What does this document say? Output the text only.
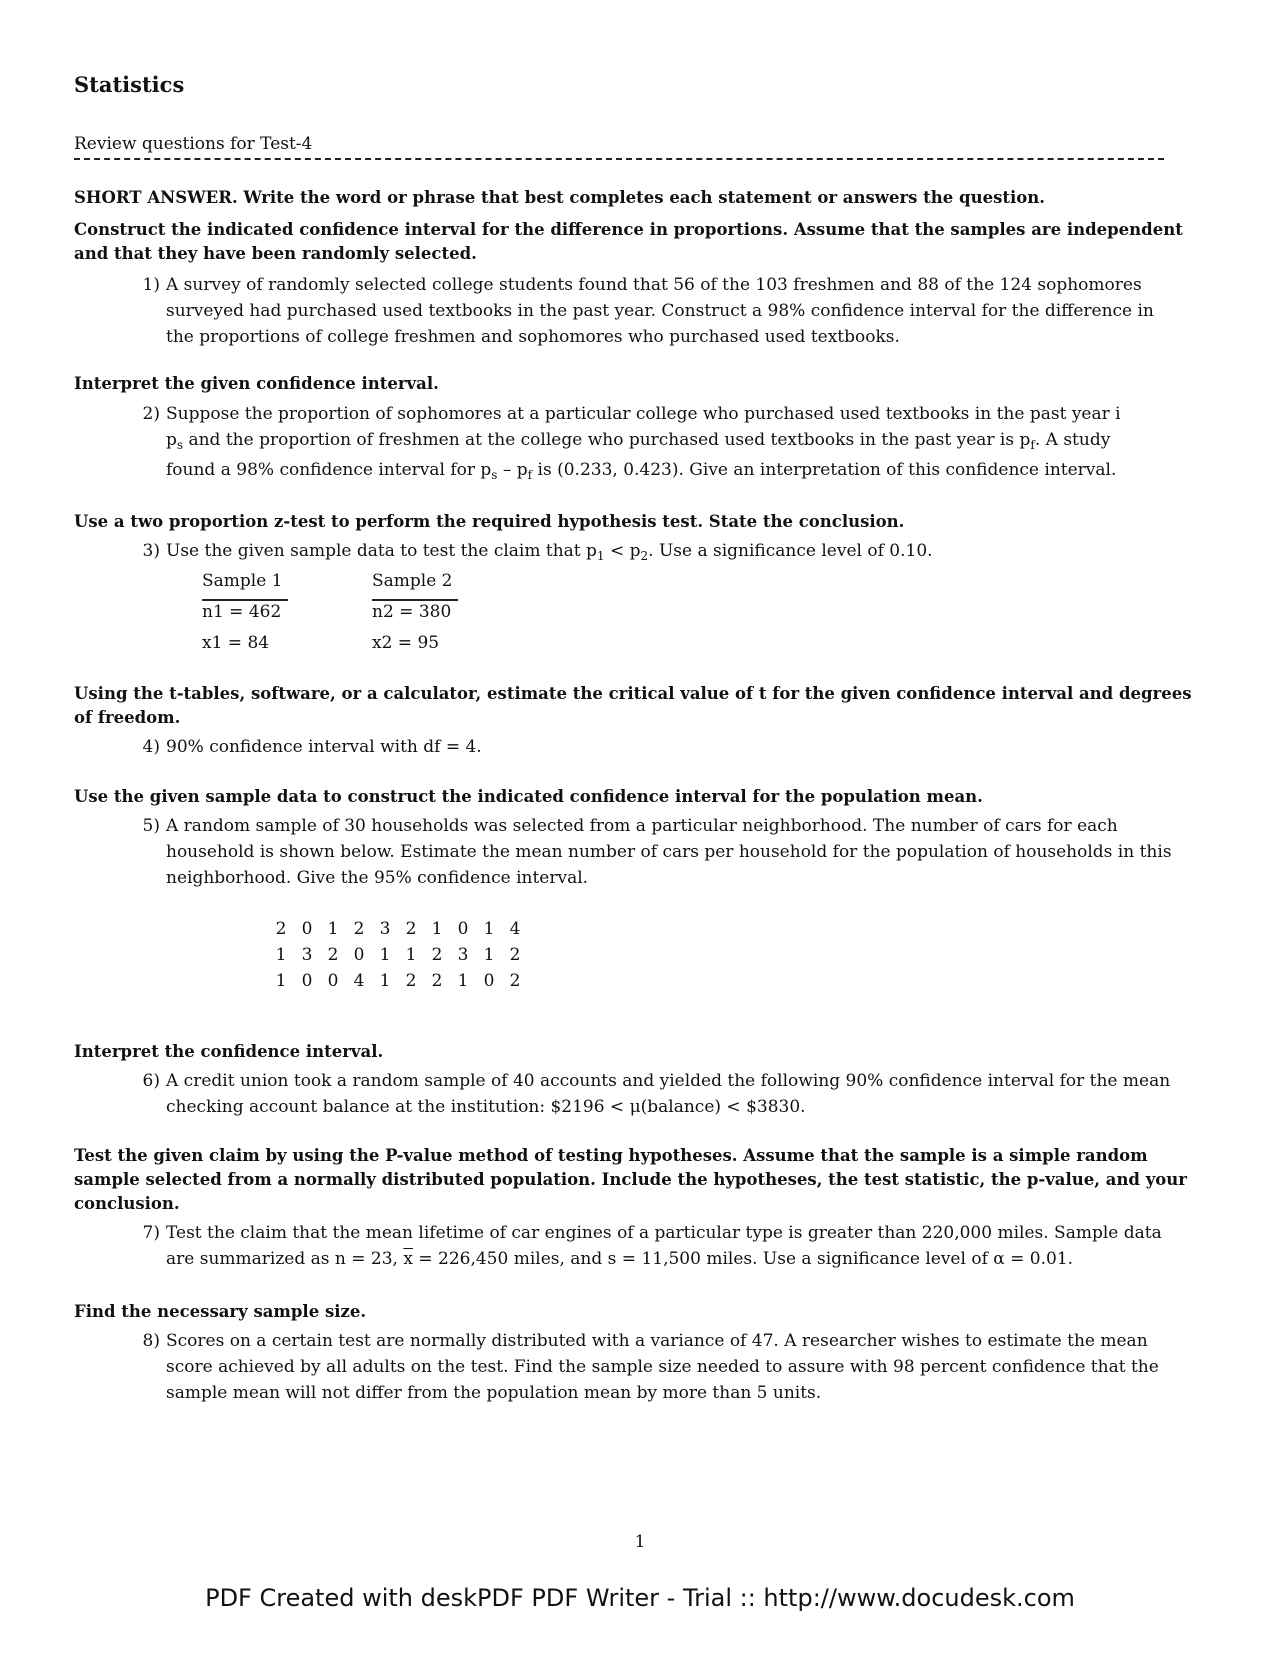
Statistics
Review questions for Test-4
SHORT ANSWER. Write the word or phrase that best completes each statement or answers the question.
Construct the indicated confidence interval for the difference in proportions. Assume that the samples are independent and that they have been randomly selected.
1) A survey of randomly selected college students found that 56 of the 103 freshmen and 88 of the 124 sophomores surveyed had purchased used textbooks in the past year. Construct a 98% confidence interval for the difference in the proportions of college freshmen and sophomores who purchased used textbooks.
Interpret the given confidence interval.
2) Suppose the proportion of sophomores at a particular college who purchased used textbooks in the past year i
$p_s$ and the proportion of freshmen at the college who purchased used textbooks in the past year is $p_f$. A study
found a 98% confidence interval for $p_s - p_f$ is (0.233, 0.423). Give an interpretation of this confidence interval.
Use a two proportion z-test to perform the required hypothesis test. State the conclusion.
3) Use the given sample data to test the claim that $p_1 < p_2$. Use a significance level of 0.10.
Sample 1
n1 = 462
x1 = 84
Sample 2
n2 = 380
x2 = 95
Using the t-tables, software, or a calculator, estimate the critical value of t for the given confidence interval and degrees of freedom.
4) 90% confidence interval with df = 4.
Use the given sample data to construct the indicated confidence interval for the population mean.
5) A random sample of 30 households was selected from a particular neighborhood. The number of cars for each household is shown below. Estimate the mean number of cars per household for the population of households in this neighborhood. Give the 95% confidence interval.
2 0 1 2 3 2 1 0 1 4
1 3 2 0 1 1 2 3 1 2
1 0 0 4 1 2 2 1 0 2
Interpret the confidence interval.
6) A credit union took a random sample of 40 accounts and yielded the following 90% confidence interval for the mean checking account balance at the institution: $2196 < μ(balance) < $3830.
Test the given claim by using the P-value method of testing hypotheses. Assume that the sample is a simple random sample selected from a normally distributed population. Include the hypotheses, the test statistic, the p-value, and your conclusion.
7) Test the claim that the mean lifetime of car engines of a particular type is greater than 220,000 miles. Sample data are summarized as n = 23, $\overline{x} = 226,450$ miles, and s = 11,500 miles. Use a significance level of α = 0.01.
Find the necessary sample size.
8) Scores on a certain test are normally distributed with a variance of 47. A researcher wishes to estimate the mean score achieved by all adults on the test. Find the sample size needed to assure with 98 percent confidence that the sample mean will not differ from the population mean by more than 5 units.
1
PDF Created with deskPDF PDF Writer - Trial :: http://www.docudesk.com
